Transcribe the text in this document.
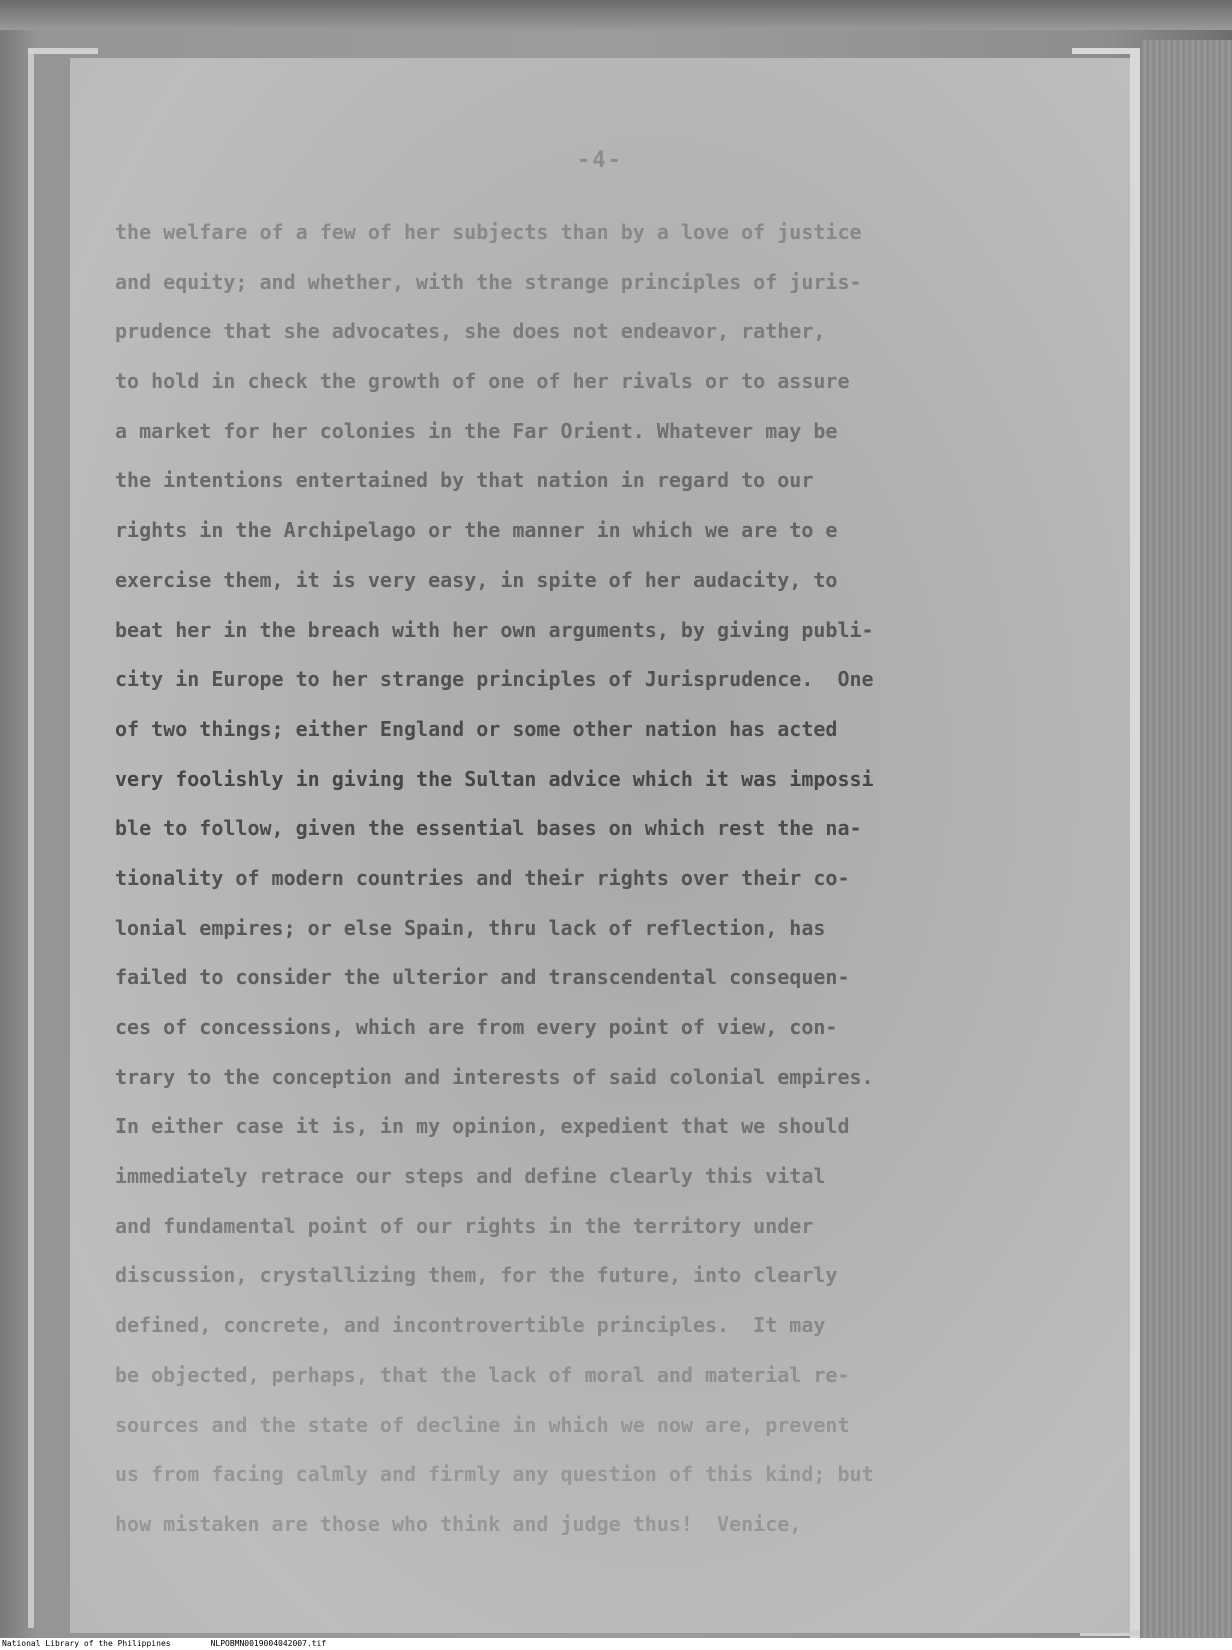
-4-
the welfare of a few of her subjects than by a love of justice
and equity; and whether, with the strange principles of juris-
prudence that she advocates, she does not endeavor, rather,
to hold in check the growth of one of her rivals or to assure
a market for her colonies in the Far Orient. Whatever may be
the intentions entertained by that nation in regard to our
rights in the Archipelago or the manner in which we are to e
exercise them, it is very easy, in spite of her audacity, to
beat her in the breach with her own arguments, by giving publi-
city in Europe to her strange principles of Jurisprudence.  One
of two things; either England or some other nation has acted
very foolishly in giving the Sultan advice which it was impossi
ble to follow, given the essential bases on which rest the na-
tionality of modern countries and their rights over their co-
lonial empires; or else Spain, thru lack of reflection, has
failed to consider the ulterior and transcendental consequen-
ces of concessions, which are from every point of view, con-
trary to the conception and interests of said colonial empires.
In either case it is, in my opinion, expedient that we should
immediately retrace our steps and define clearly this vital
and fundamental point of our rights in the territory under
discussion, crystallizing them, for the future, into clearly
defined, concrete, and incontrovertible principles.  It may
be objected, perhaps, that the lack of moral and material re-
sources and the state of decline in which we now are, prevent
us from facing calmly and firmly any question of this kind; but
how mistaken are those who think and judge thus!  Venice,
National Library of the Philippines	NLPOBMN00190040420​07.tif
